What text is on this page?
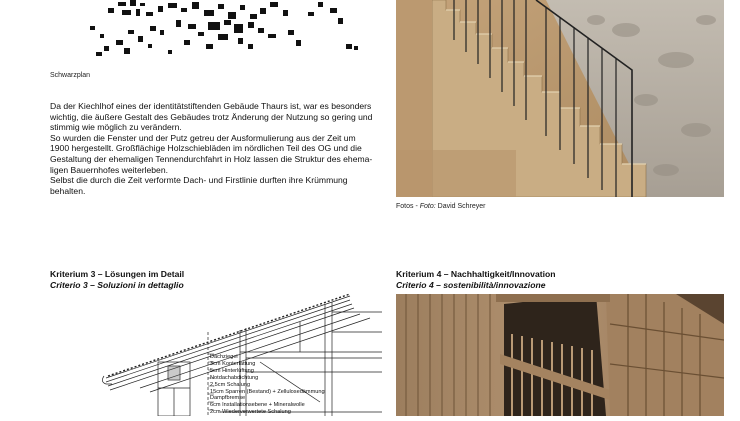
Schwarzplan
Da der Kiechlhof eines der identitätstiftenden Gebäude Thaurs ist, war es besonders
wichtig, die äußere Gestalt des Gebäudes trotz Änderung der Nutzung so gering und
stimmig wie möglich zu verändern.
So wurden die Fenster und der Putz getreu der Ausformulierung aus der Zeit um
1900 hergestellt. Großflächige Holzschiebläden im nördlichen Teil des OG und die
Gestaltung der ehemaligen Tennendurchfahrt in Holz lassen die Struktur des ehema-
ligen Bauernhofes weiterleben.
Selbst die durch die Zeit verformte Dach- und Firstlinie durften ihre Krümmung
behalten.
Fotos - Foto: David Schreyer
Kriterium 3 – Lösungen im Detail
Criterio 3 – Soluzioni in dettaglio
Dachziegel
3cm Konterlattung
5cm Hinterlüftung
Notdachabdichtung
2,5cm Schalung
15cm Sparren (Bestand) + Zellulosedämmung
Dampfbremse
6cm Installationsebene + Mineralwolle
2cm Wiederverwertete Schalung
Kriterium 4 – Nachhaltigkeit/Innovation
Criterio 4 – sostenibilità/innovazione
